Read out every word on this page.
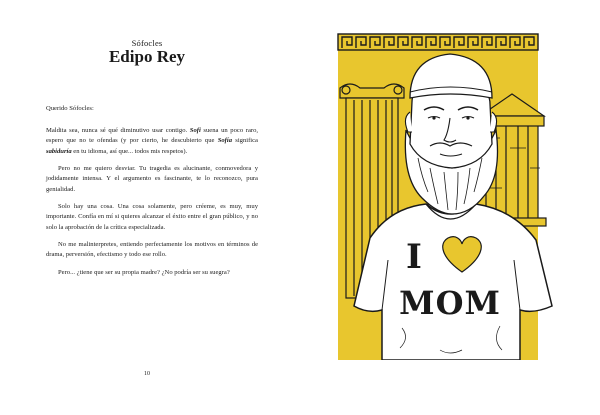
Sófocles
Edipo Rey

Querido Sófocles:

Maldita sea, nunca sé qué diminutivo usar contigo. Sofi suena un poco raro, espero que no te ofendas (y por cierto, he descubierto que Sofía significa sabiduría en tu idioma, así que... todos mis respetos).

Pero no me quiero desviar. Tu tragedia es alucinante, conmovedora y jodidamente intensa. Y el argumento es fascinante, te lo reconozco, pura genialidad.

Solo hay una cosa. Una cosa solamente, pero créeme, es muy, muy importante. Confía en mí si quieres alcanzar el éxito entre el gran público, y no solo la aprobación de la crítica especializada.

No me malinterpretes, entiendo perfectamente los motivos en términos de drama, perversión, efectismo y todo ese rollo.

Pero... ¿tiene que ser su propia madre? ¿No podría ser su suegra?

10
I
MOM
